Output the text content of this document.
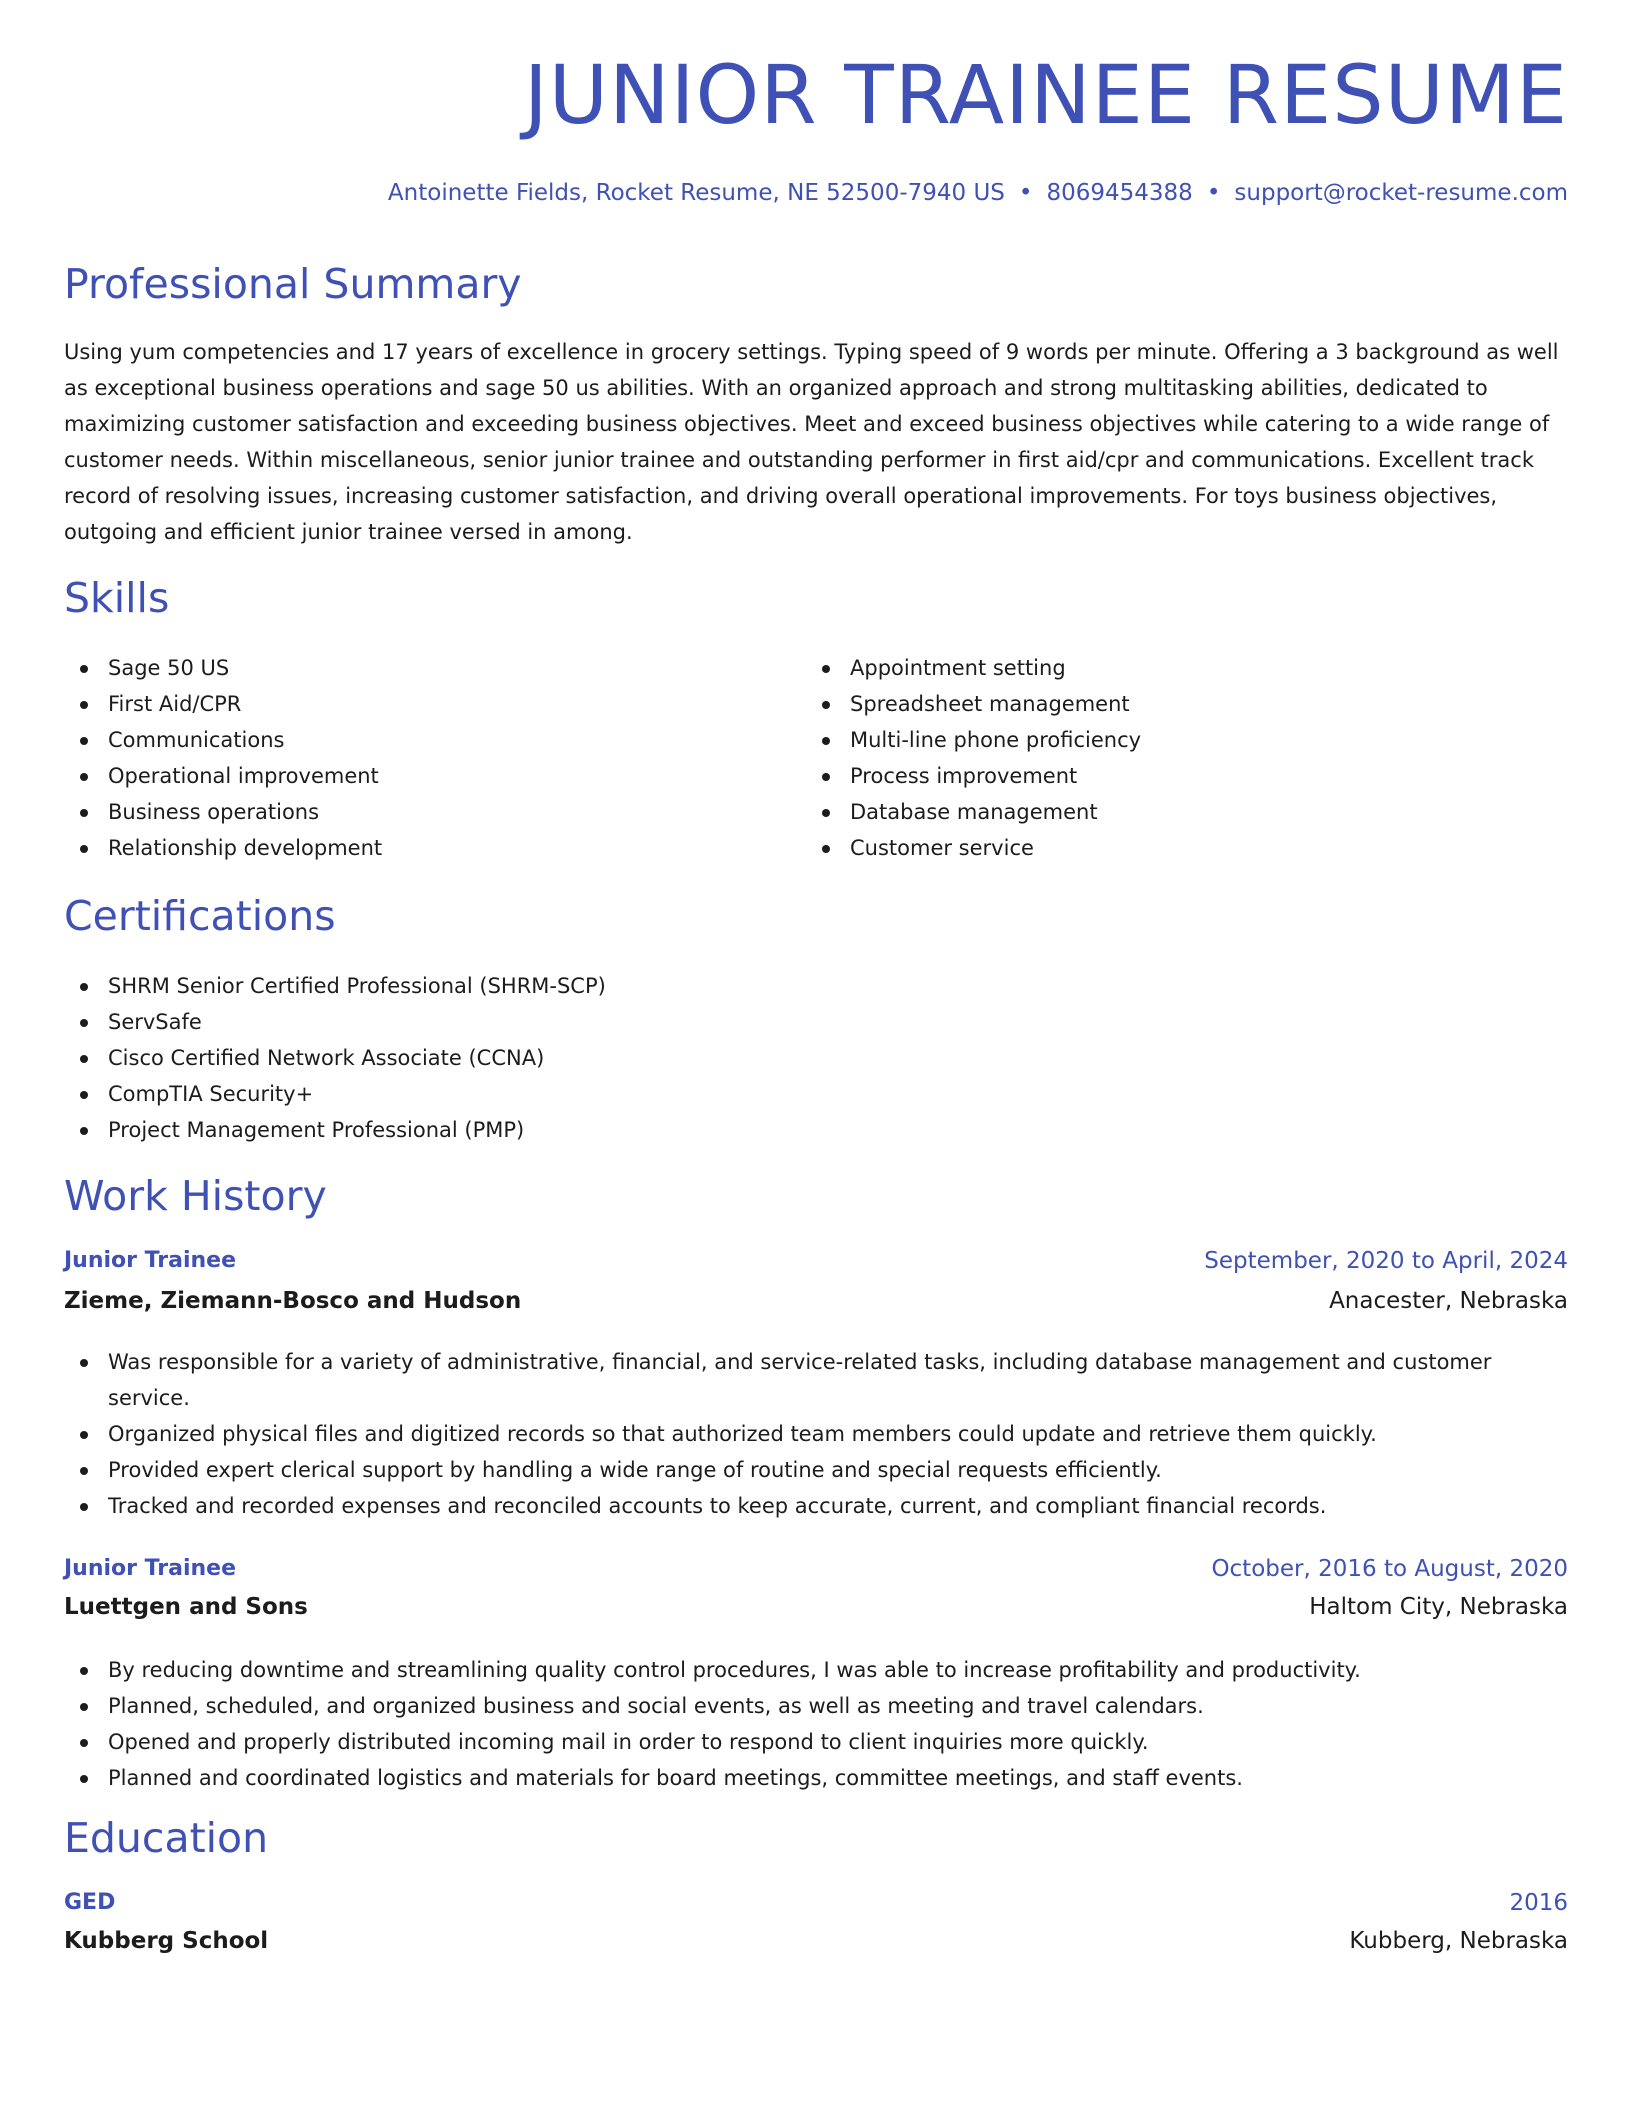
JUNIOR TRAINEE RESUME
Antoinette Fields, Rocket Resume, NE 52500-7940 US • 8069454388 • support@rocket-resume.com
Professional Summary

Using yum competencies and 17 years of excellence in grocery settings. Typing speed of 9 words per minute. Offering a 3 background as well as exceptional business operations and sage 50 us abilities. With an organized approach and strong multitasking abilities, dedicated to maximizing customer satisfaction and exceeding business objectives. Meet and exceed business objectives while catering to a wide range of customer needs. Within miscellaneous, senior junior trainee and outstanding performer in first aid/cpr and communications. Excellent track record of resolving issues, increasing customer satisfaction, and driving overall operational improvements. For toys business objectives, outgoing and efficient junior trainee versed in among.

Skills
Sage 50 US
First Aid/CPR
Communications
Operational improvement
Business operations
Relationship development
Appointment setting
Spreadsheet management
Multi-line phone proficiency
Process improvement
Database management
Customer service
Certifications
SHRM Senior Certified Professional (SHRM-SCP)
ServSafe
Cisco Certified Network Associate (CCNA)
CompTIA Security+
Project Management Professional (PMP)
Work History
Junior Trainee	September, 2020 to April, 2024
Zieme, Ziemann-Bosco and Hudson	Anacester, Nebraska
Was responsible for a variety of administrative, financial, and service-related tasks, including database management and customer service.
Organized physical files and digitized records so that authorized team members could update and retrieve them quickly.
Provided expert clerical support by handling a wide range of routine and special requests efficiently.
Tracked and recorded expenses and reconciled accounts to keep accurate, current, and compliant financial records.
Junior Trainee	October, 2016 to August, 2020
Luettgen and Sons	Haltom City, Nebraska
By reducing downtime and streamlining quality control procedures, I was able to increase profitability and productivity.
Planned, scheduled, and organized business and social events, as well as meeting and travel calendars.
Opened and properly distributed incoming mail in order to respond to client inquiries more quickly.
Planned and coordinated logistics and materials for board meetings, committee meetings, and staff events.
Education
GED	2016
Kubberg School	Kubberg, Nebraska
